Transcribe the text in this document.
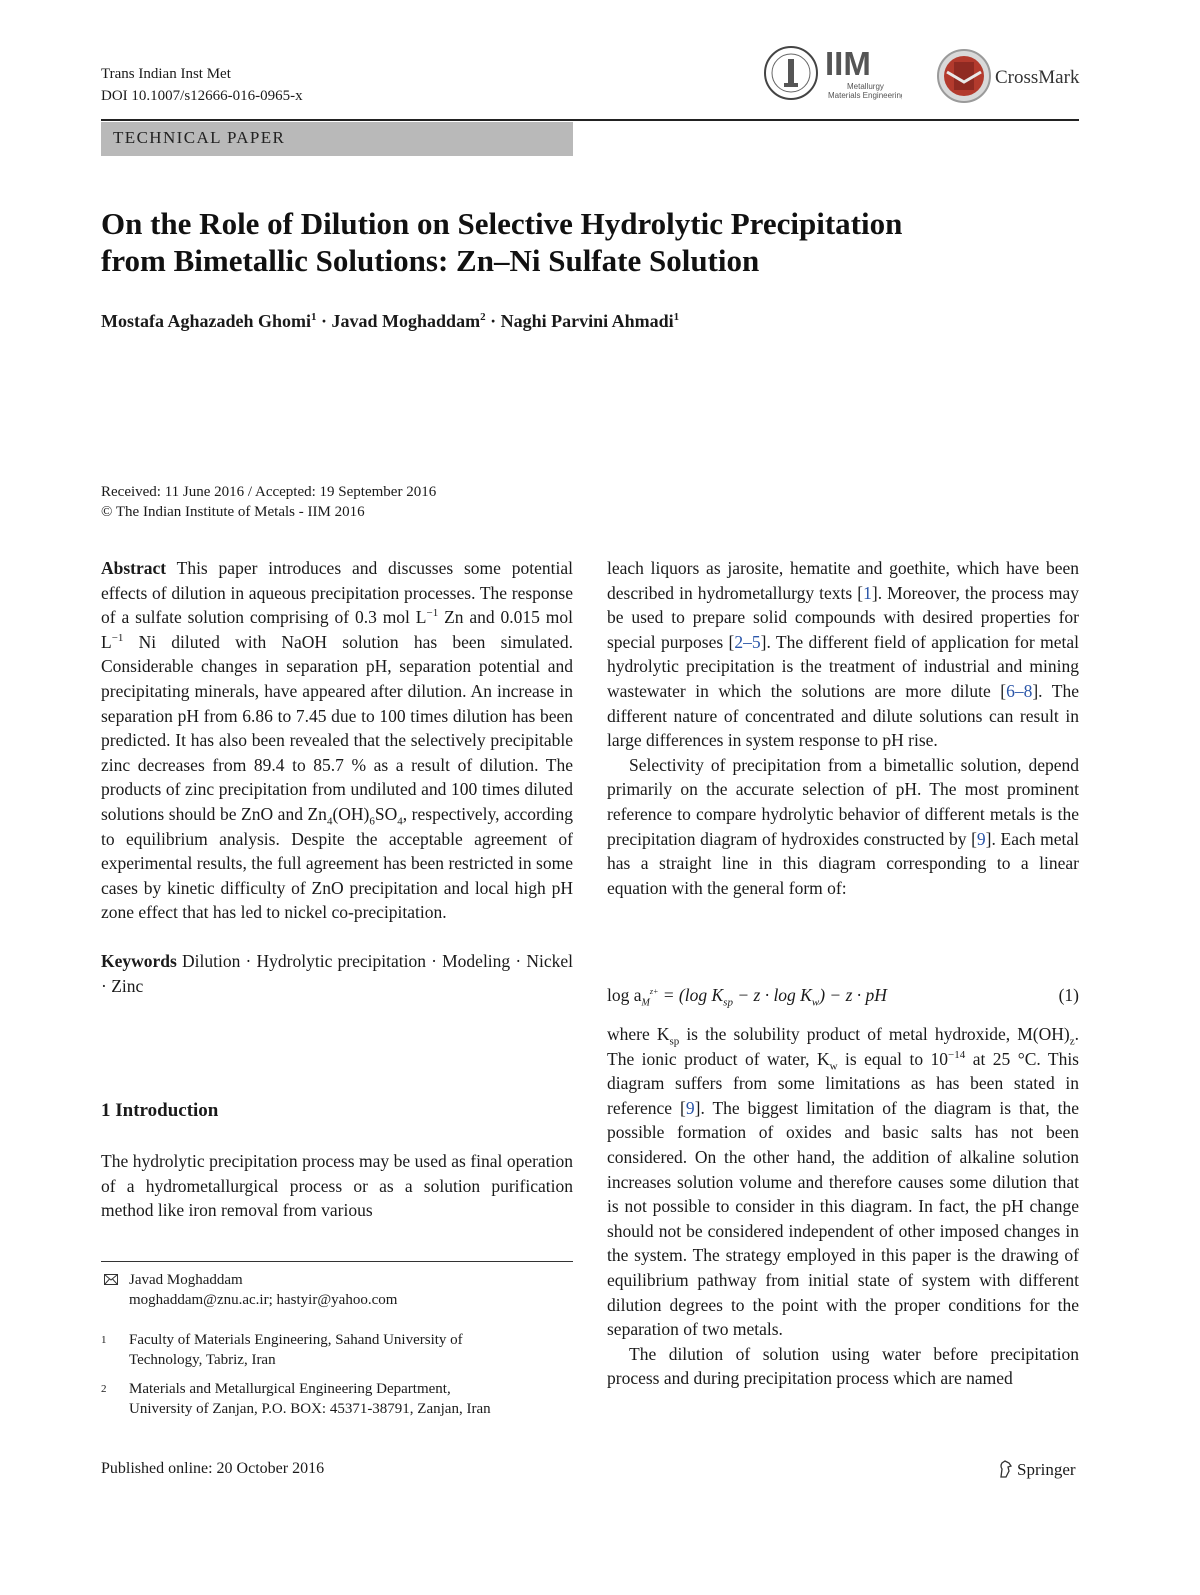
Trans Indian Inst Met
DOI 10.1007/s12666-016-0965-x
IIM
Metallurgy
Materials Engineering
CrossMark
TECHNICAL PAPER
On the Role of Dilution on Selective Hydrolytic Precipitation
from Bimetallic Solutions: Zn–Ni Sulfate Solution
Mostafa Aghazadeh Ghomi$^1$ · Javad Moghaddam$^2$ · Naghi Parvini Ahmadi$^1$
Received: 11 June 2016 / Accepted: 19 September 2016
© The Indian Institute of Metals - IIM 2016

Abstract This paper introduces and discusses some potential effects of dilution in aqueous precipitation processes. The response of a sulfate solution comprising of 0.3 mol $L^{-1}$ Zn and 0.015 mol $L^{-1}$ Ni diluted with NaOH solution has been simulated. Considerable changes in separation pH, separation potential and precipitating minerals, have appeared after dilution. An increase in separation pH from 6.86 to 7.45 due to 100 times dilution has been predicted. It has also been revealed that the selectively precipitable zinc decreases from 89.4 to 85.7 % as a result of dilution. The products of zinc precipitation from undiluted and 100 times diluted solutions should be ZnO and $Zn_4(OH)_6SO_4$, respectively, according to equilibrium analysis. Despite the acceptable agreement of experimental results, the full agreement has been restricted in some cases by kinetic difficulty of ZnO precipitation and local high pH zone effect that has led to nickel co-precipitation.

Keywords Dilution · Hydrolytic precipitation · Modeling · Nickel · Zinc

1 Introduction

The hydrolytic precipitation process may be used as final operation of a hydrometallurgical process or as a solution purification method like iron removal from various

Javad Moghaddam
moghaddam@znu.ac.ir; hastyir@yahoo.com
1 Faculty of Materials Engineering, Sahand University of
Technology, Tabriz, Iran
2 Materials and Metallurgical Engineering Department,
University of Zanjan, P.O. BOX: 45371-38791, Zanjan, Iran

leach liquors as jarosite, hematite and goethite, which have been described in hydrometallurgy texts [1]. Moreover, the process may be used to prepare solid compounds with desired properties for special purposes [2–5]. The different field of application for metal hydrolytic precipitation is the treatment of industrial and mining wastewater in which the solutions are more dilute [6–8]. The different nature of concentrated and dilute solutions can result in large differences in system response to pH rise.

Selectivity of precipitation from a bimetallic solution, depend primarily on the accurate selection of pH. The most prominent reference to compare hydrolytic behavior of different metals is the precipitation diagram of hydroxides constructed by [9]. Each metal has a straight line in this diagram corresponding to a linear equation with the general form of:

$\log a_M^{z+} = (\log$ $K_{sp} - z \cdot \log K_w) - z$ · pH	(1)

where $K_{sp}$ is the solubility product of metal hydroxide, $M(OH)_z$. The ionic product of water, $K_w$ is equal to $10^{-14}$ at 25 °C. This diagram suffers from some limitations as has been stated in reference [9]. The biggest limitation of the diagram is that, the possible formation of oxides and basic salts has not been considered. On the other hand, the addition of alkaline solution increases solution volume and therefore causes some dilution that is not possible to consider in this diagram. In fact, the pH change should not be considered independent of other imposed changes in the system. The strategy employed in this paper is the drawing of equilibrium pathway from initial state of system with different dilution degrees to the point with the proper conditions for the separation of two metals.

The dilution of solution using water before precipitation process and during precipitation process which are named

Published online: 20 October 2016	Springer
